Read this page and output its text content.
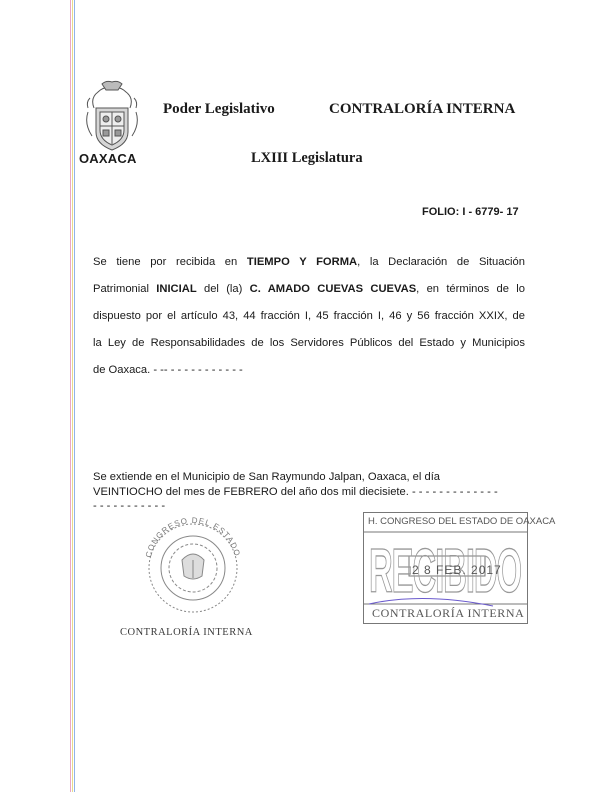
OAXACA
Poder Legislativo	CONTRALORÍA INTERNA
LXIII Legislatura
FOLIO: I - 6779- 17
Se tiene por recibida en TIEMPO Y FORMA, la Declaración de Situación
Patrimonial INICIAL del (la) C. AMADO CUEVAS CUEVAS, en términos de lo
dispuesto por el artículo 43, 44 fracción I, 45 fracción I, 46 y 56 fracción XXIX, de
la Ley de Responsabilidades de los Servidores Públicos del Estado y Municipios
de Oaxaca. - -- - - - - - - - - - - -
Se extiende en el Municipio de San Raymundo Jalpan, Oaxaca, el día
VEINTIOCHO del mes de FEBRERO del año dos mil diecisiete. - - - - - - - - - - - - -
- - - - - - - - - - -
CONGRESO DEL ESTADO
CONTRALORÍA INTERNA
RECIBIDO
H. CONGRESO DEL ESTADO DE OAXACA
2 8 FEB. 2017
CONTRALORÍA INTERNA
